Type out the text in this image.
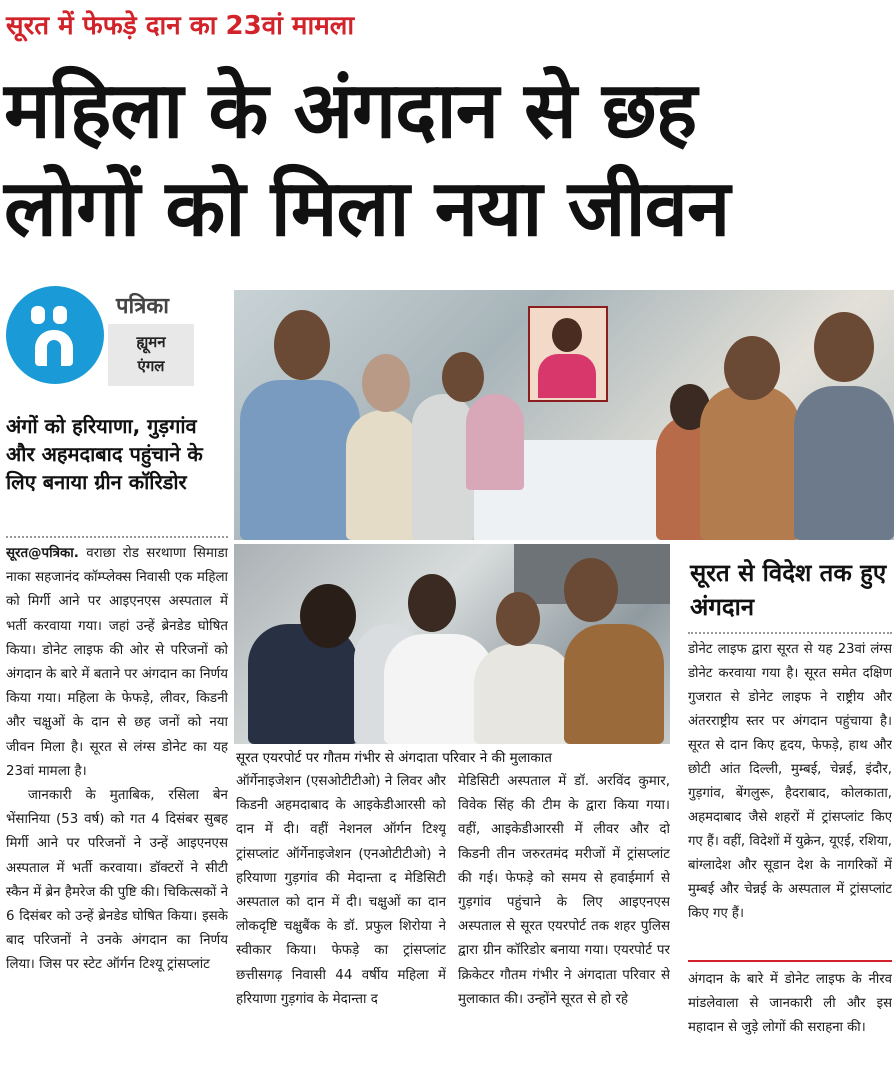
सूरत में फेफड़े दान का 23वां मामला
महिला के अंगदान से छह
लोगों को मिला नया जीवन
पत्रिका
ह्यूमन
एंगल
अंगों को हरियाणा, गुड़गांव और अहमदाबाद पहुंचाने के लिए बनाया ग्रीन कॉरिडोर

सूरत@पत्रिका. वराछा रोड सरथाणा सिमाडा नाका सहजानंद कॉम्प्लेक्स निवासी एक महिला को मिर्गी आने पर आइएनएस अस्पताल में भर्ती करवाया गया। जहां उन्हें ब्रेनडेड घोषित किया। डोनेट लाइफ की ओर से परिजनों को अंगदान के बारे में बताने पर अंगदान का निर्णय किया गया। महिला के फेफड़े, लीवर, किडनी और चक्षुओं के दान से छह जनों को नया जीवन मिला है। सूरत से लंग्स डोनेट का यह 23वां मामला है।

जानकारी के मुताबिक, रसिला बेन भेंसानिया (53 वर्ष) को गत 4 दिसंबर सुबह मिर्गी आने पर परिजनों ने उन्हें आइएनएस अस्पताल में भर्ती करवाया। डॉक्टरों ने सीटी स्कैन में ब्रेन हैमरेज की पुष्टि की। चिकित्सकों ने 6 दिसंबर को उन्हें ब्रेनडेड घोषित किया। इसके बाद परिजनों ने उनके अंगदान का निर्णय लिया। जिस पर स्टेट ऑर्गन टिश्यू ट्रांसप्लांट

सूरत एयरपोर्ट पर गौतम गंभीर से अंगदाता परिवार ने की मुलाकात
ऑर्गेनाइजेशन (एसओटीटीओ) ने लिवर और किडनी अहमदाबाद के आइकेडीआरसी को दान में दी। वहीं नेशनल ऑर्गन टिश्यू ट्रांसप्लांट ऑर्गेनाइजेशन (एनओटीटीओ) ने हरियाणा गुड़गांव की मेदान्ता द मेडिसिटी अस्पताल को दान में दी। चक्षुओं का दान लोकदृष्टि चक्षुबैंक के डॉ. प्रफुल शिरोया ने स्वीकार किया। फेफड़े का ट्रांसप्लांट छत्तीसगढ़ निवासी 44 वर्षीय महिला में हरियाणा गुड़गांव के मेदान्ता द
मेडिसिटी अस्पताल में डॉ. अरविंद कुमार, विवेक सिंह की टीम के द्वारा किया गया। वहीं, आइकेडीआरसी में लीवर और दो किडनी तीन जरुरतमंद मरीजों में ट्रांसप्लांट की गई। फेफड़े को समय से हवाईमार्ग से गुड़गांव पहुंचाने के लिए आइएनएस अस्पताल से सूरत एयरपोर्ट तक शहर पुलिस द्वारा ग्रीन कॉरिडोर बनाया गया। एयरपोर्ट पर क्रिकेटर गौतम गंभीर ने अंगदाता परिवार से मुलाकात की। उन्होंने सूरत से हो रहे
सूरत से विदेश तक हुए अंगदान
डोनेट लाइफ द्वारा सूरत से यह 23वां लंग्स डोनेट करवाया गया है। सूरत समेत दक्षिण गुजरात से डोनेट लाइफ ने राष्ट्रीय और अंतरराष्ट्रीय स्तर पर अंगदान पहुंचाया है। सूरत से दान किए हृदय, फेफड़े, हाथ और छोटी आंत दिल्ली, मुम्बई, चेन्नई, इंदौर, गुड़गांव, बेंगलुरू, हैदराबाद, कोलकाता, अहमदाबाद जैसे शहरों में ट्रांसप्लांट किए गए हैं। वहीं, विदेशों में युक्रेन, यूएई, रशिया, बांग्लादेश और सूडान देश के नागरिकों में मुम्बई और चेन्नई के अस्पताल में ट्रांसप्लांट किए गए हैं।
अंगदान के बारे में डोनेट लाइफ के नीरव मांडलेवाला से जानकारी ली और इस महादान से जुड़े लोगों की सराहना की।
